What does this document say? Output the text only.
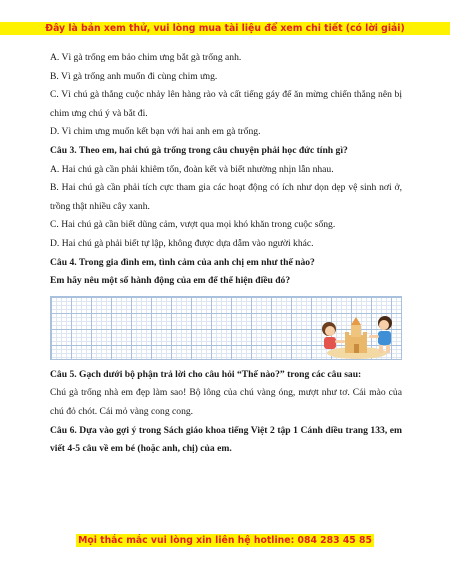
Đây là bản xem thử, vui lòng mua tài liệu để xem chi tiết (có lời giải)

A. Vì gà trống em bảo chim ưng bắt gà trống anh.

B. Vì gà trống anh muốn đi cùng chim ưng.

C. Vì chú gà thắng cuộc nhảy lên hàng rào và cất tiếng gáy để ăn mừng chiến thắng nên bị chim ưng chú ý và bắt đi.

D. Vì chim ưng muốn kết bạn với hai anh em gà trống.

Câu 3. Theo em, hai chú gà trống trong câu chuyện phải học đức tính gì?

A. Hai chú gà cần phải khiêm tốn, đoàn kết và biết nhường nhịn lẫn nhau.

B. Hai chú gà cần phải tích cực tham gia các hoạt động có ích như dọn dẹp vệ sinh nơi ở, trồng thật nhiều cây xanh.

C. Hai chú gà cần biết dũng cảm, vượt qua mọi khó khăn trong cuộc sống.

D. Hai chú gà phải biết tự lập, không được dựa dẫm vào người khác.

Câu 4. Trong gia đình em, tình cảm của anh chị em như thế nào?

Em hãy nêu một số hành động của em để thể hiện điều đó?

Câu 5. Gạch dưới bộ phận trả lời cho câu hỏi “Thế nào?” trong các câu sau:

Chú gà trống nhà em đẹp làm sao! Bộ lông của chú vàng óng, mượt như tơ. Cái mào của chú đỏ chót. Cái mỏ vàng cong cong.

Câu 6. Dựa vào gợi ý trong Sách giáo khoa tiếng Việt 2 tập 1 Cánh diều trang 133, em viết 4-5 câu về em bé (hoặc anh, chị) của em.

Mọi thắc mắc vui lòng xin liên hệ hotline: 084 283 45 85
